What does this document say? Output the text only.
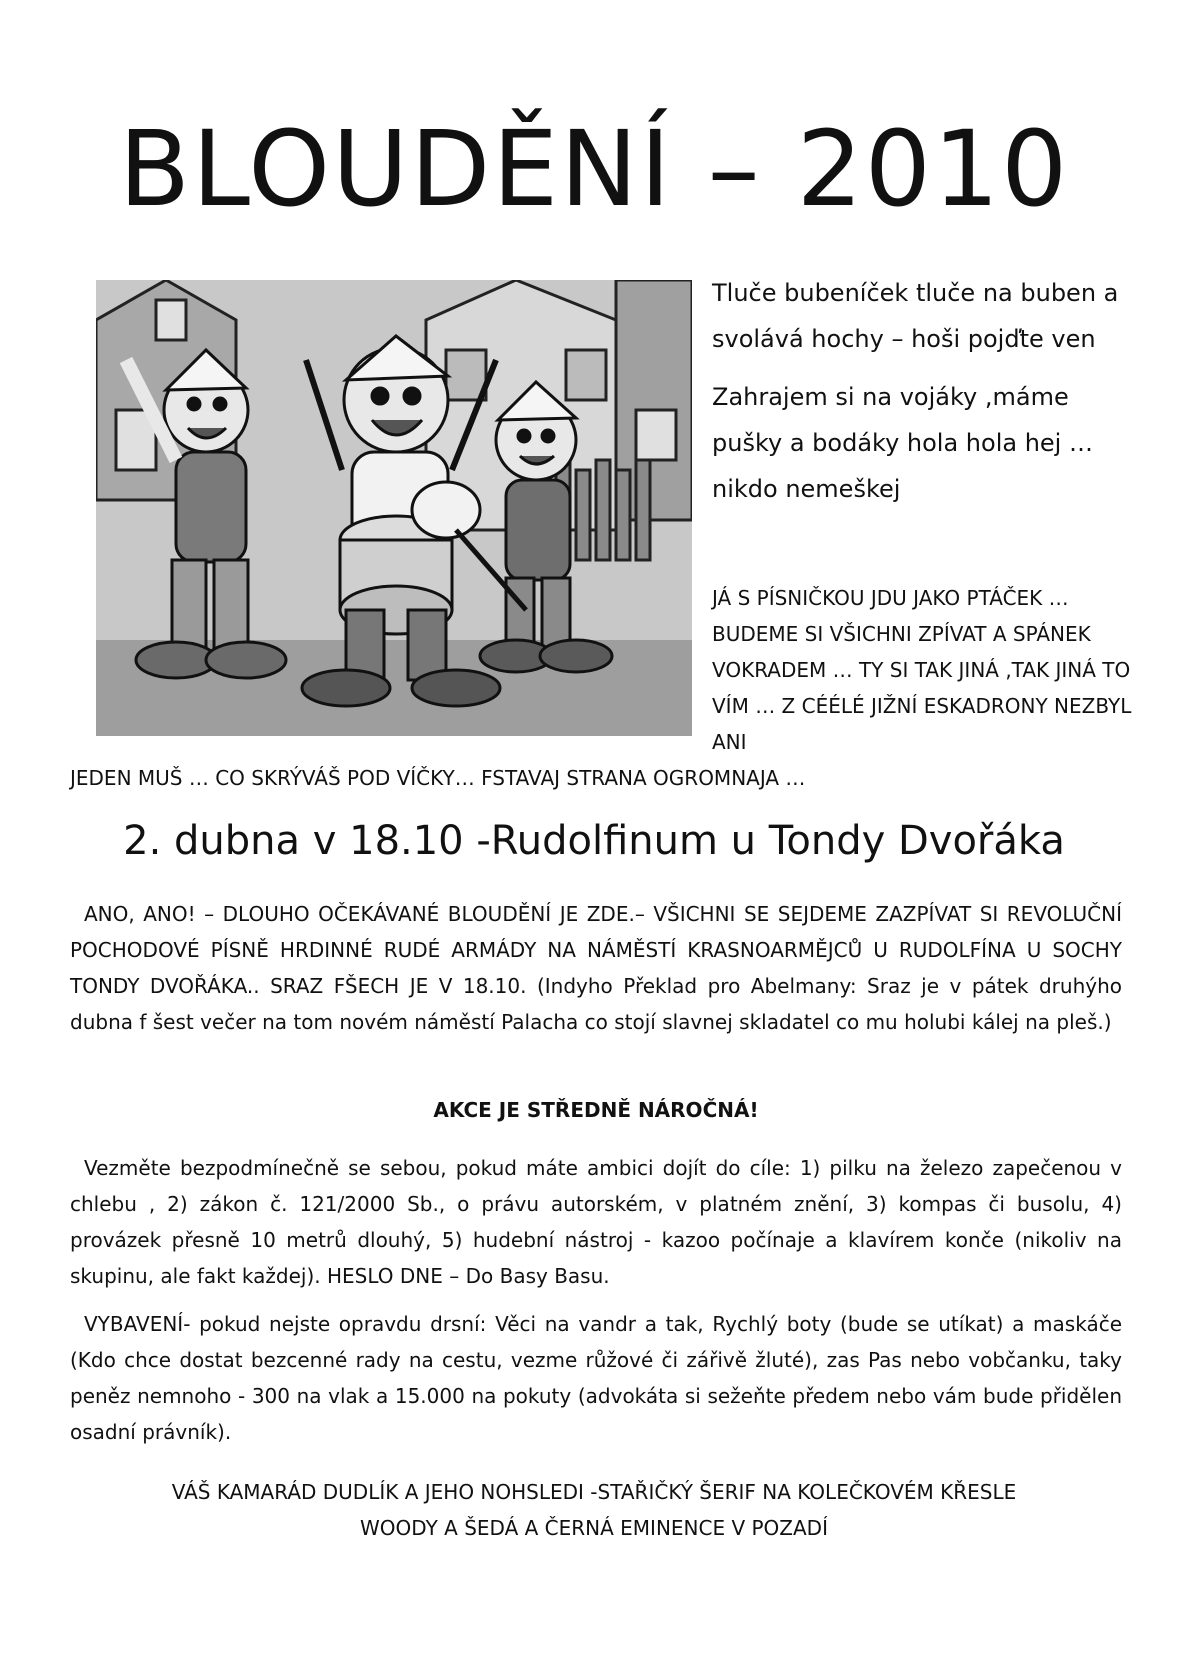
BLOUDĚNÍ – 2010

Tluče bubeníček tluče na buben a svolává hochy – hoši pojďte ven

Zahrajem si na vojáky ,máme pušky a bodáky hola hola hej …nikdo nemeškej

JÁ S PÍSNIČKOU JDU JAKO PTÁČEK … BUDEME SI VŠICHNI ZPÍVAT A SPÁNEK VOKRADEM … TY SI TAK JINÁ ,TAK JINÁ TO VÍM … Z CÉÉLÉ JIŽNÍ ESKADRONY NEZBYL ANI
JEDEN MUŠ … CO SKRÝVÁŠ POD VÍČKY… FSTAVAJ STRANA OGROMNAJA …
2. dubna v 18.10 -Rudolfinum u Tondy Dvořáka

ANO, ANO! – DLOUHO OČEKÁVANÉ BLOUDĚNÍ JE ZDE.– VŠICHNI SE SEJDEME ZAZPÍVAT SI REVOLUČNÍ POCHODOVÉ PÍSNĚ HRDINNÉ RUDÉ ARMÁDY NA NÁMĚSTÍ KRASNOARMĚJCŮ U RUDOLFÍNA U SOCHY TONDY DVOŘÁKA.. SRAZ FŠECH JE V 18.10. (Indyho Překlad pro Abelmany: Sraz je v pátek druhýho dubna f šest večer na tom novém náměstí Palacha co stojí slavnej skladatel co mu holubi kálej na pleš.)

AKCE JE STŘEDNĚ NÁROČNÁ!

Vezměte bezpodmínečně se sebou, pokud máte ambici dojít do cíle: 1) pilku na železo zapečenou v chlebu , 2) zákon č. 121/2000 Sb., o právu autorském, v platném znění, 3) kompas či busolu, 4) provázek přesně 10 metrů dlouhý, 5) hudební nástroj - kazoo počínaje a klavírem konče (nikoliv na skupinu, ale fakt každej). HESLO DNE – Do Basy Basu.

VYBAVENÍ- pokud nejste opravdu drsní: Věci na vandr a tak, Rychlý boty (bude se utíkat) a maskáče (Kdo chce dostat bezcenné rady na cestu, vezme růžové či zářivě žluté), zas Pas nebo vobčanku, taky peněz nemnoho - 300 na vlak a 15.000 na pokuty (advokáta si sežeňte předem nebo vám bude přidělen osadní právník).

VÁŠ KAMARÁD DUDLÍK A JEHO NOHSLEDI -STAŘIČKÝ ŠERIF NA KOLEČKOVÉM KŘESLE
WOODY A ŠEDÁ A ČERNÁ EMINENCE V POZADÍ
